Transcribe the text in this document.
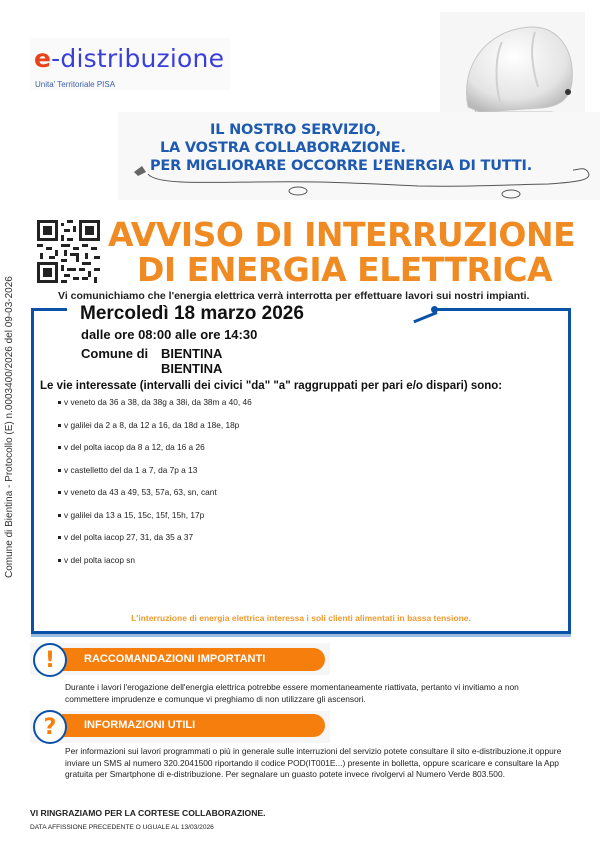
e-distribuzione
Unita' Territoriale PISA
IL NOSTRO SERVIZIO,
LA VOSTRA COLLABORAZIONE.
PER MIGLIORARE OCCORRE L’ENERGIA DI TUTTI.
AVVISO DI INTERRUZIONE
DI ENERGIA ELETTRICA
Vi comunichiamo che l'energia elettrica verrà interrotta per effettuare lavori sui nostri impianti.
Comune di Bientina - Protocollo (E) n.0003400/2026 del 09-03-2026	Mercoledì 18 marzo 2026
dalle ore 08:00 alle ore 14:30
Comune di BIENTINA
BIENTINA
Le vie interessate (intervalli dei civici "da" "a" raggruppati per pari e/o dispari) sono:
v veneto da 36 a 38, da 38g a 38i, da 38m a 40, 46
v galilei da 2 a 8, da 12 a 16, da 18d a 18e, 18p
v del polta iacop da 8 a 12, da 16 a 26
v castelletto del da 1 a 7, da 7p a 13
v veneto da 43 a 49, 53, 57a, 63, sn, cant
v galilei da 13 a 15, 15c, 15f, 15h, 17p
v del polta iacop 27, 31, da 35 a 37
v del polta iacop sn
L'interruzione di energia elettrica interessa i soli clienti alimentati in bassa tensione.
RACCOMANDAZIONI IMPORTANTI
!
Durante i lavori l'erogazione dell'energia elettrica potrebbe essere momentaneamente riattivata, pertanto vi invitiamo a non commettere imprudenze e comunque vi preghiamo di non utilizzare gli ascensori.
INFORMAZIONI UTILI
?
Per informazioni sui lavori programmati o più in generale sulle interruzioni del servizio potete consultare il sito e-distribuzione.it oppure inviare un SMS al numero 320.2041500 riportando il codice POD(IT001E...) presente in bolletta, oppure scaricare e consultare la App gratuita per Smartphone di e-distribuzione. Per segnalare un guasto potete invece rivolgervi al Numero Verde 803.500.
VI RINGRAZIAMO PER LA CORTESE COLLABORAZIONE.
DATA AFFISSIONE PRECEDENTE O UGUALE AL 13/03/2026
